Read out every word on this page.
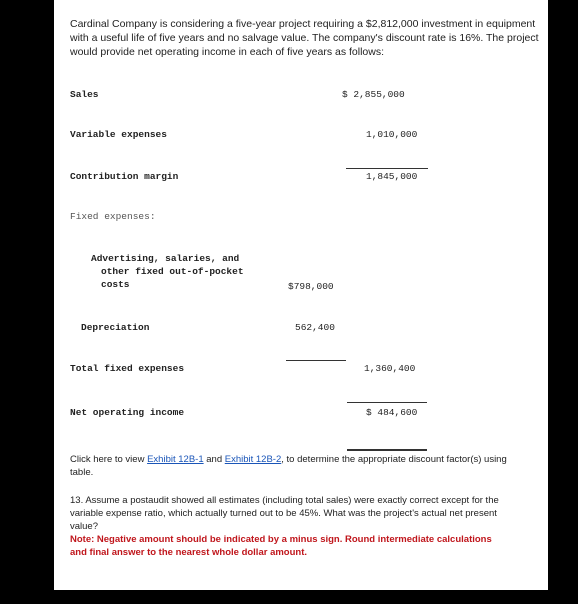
Cardinal Company is considering a five-year project requiring a $2,812,000 investment in equipment with a useful life of five years and no salvage value. The company's discount rate is 16%. The project would provide net operating income in each of five years as follows:
Sales	$ 2,855,000
Variable expenses	1,010,000
Contribution margin	1,845,000
Fixed expenses:
Advertising, salaries, and
other fixed out-of-pocket
costs	$798,000
Depreciation	562,400
Total fixed expenses	1,360,400
Net operating income	$ 484,600
Click here to view Exhibit 12B-1 and Exhibit 12B-2, to determine the appropriate discount factor(s) using table.
13. Assume a postaudit showed all estimates (including total sales) were exactly correct except for the variable expense ratio, which actually turned out to be 45%. What was the project's actual net present value?
Note: Negative amount should be indicated by a minus sign. Round intermediate calculations and final answer to the nearest whole dollar amount.
